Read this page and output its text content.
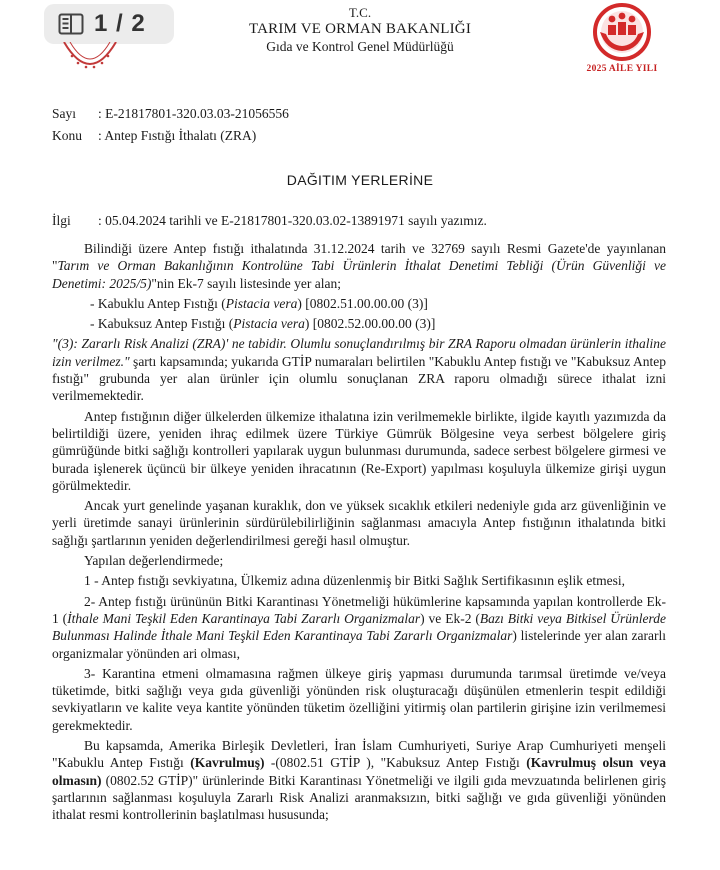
1 / 2	T.C.
TARIM VE ORMAN BAKANLIĞI
Gıda ve Kontrol Genel Müdürlüğü
2025 AİLE YILI
Sayı : E-21817801-320.03.03-21056556
Konu : Antep Fıstığı İthalatı (ZRA)
DAĞITIM YERLERİNE
İlgi : 05.04.2024 tarihli ve E-21817801-320.03.02-13891971 sayılı yazımız.

Bilindiği üzere Antep fıstığı ithalatında 31.12.2024 tarih ve 32769 sayılı Resmi Gazete'de yayınlanan "Tarım ve Orman Bakanlığının Kontrolüne Tabi Ürünlerin İthalat Denetimi Tebliği (Ürün Güvenliği ve Denetimi: 2025/5)"nin Ek-7 sayılı listesinde yer alan;

- Kabuklu Antep Fıstığı (Pistacia vera) [0802.51.00.00.00 (3)]

- Kabuksuz Antep Fıstığı (Pistacia vera) [0802.52.00.00.00 (3)]

"(3): Zararlı Risk Analizi (ZRA)' ne tabidir. Olumlu sonuçlandırılmış bir ZRA Raporu olmadan ürünlerin ithaline izin verilmez." şartı kapsamında; yukarıda GTİP numaraları belirtilen "Kabuklu Antep fıstığı ve "Kabuksuz Antep fıstığı" grubunda yer alan ürünler için olumlu sonuçlanan ZRA raporu olmadığı sürece ithalat izni verilmemektedir.

Antep fıstığının diğer ülkelerden ülkemize ithalatına izin verilmemekle birlikte, ilgide kayıtlı yazımızda da belirtildiği üzere, yeniden ihraç edilmek üzere Türkiye Gümrük Bölgesine veya serbest bölgelere giriş gümrüğünde bitki sağlığı kontrolleri yapılarak uygun bulunması durumunda, sadece serbest bölgelere girmesi ve burada işlenerek üçüncü bir ülkeye yeniden ihracatının (Re-Export) yapılması koşuluyla ülkemize girişi uygun görülmektedir.

Ancak yurt genelinde yaşanan kuraklık, don ve yüksek sıcaklık etkileri nedeniyle gıda arz güvenliğinin ve yerli üretimde sanayi ürünlerinin sürdürülebilirliğinin sağlanması amacıyla Antep fıstığının ithalatında bitki sağlığı şartlarının yeniden değerlendirilmesi gereği hasıl olmuştur.

Yapılan değerlendirmede;

1 - Antep fıstığı sevkiyatına, Ülkemiz adına düzenlenmiş bir Bitki Sağlık Sertifikasının eşlik etmesi,

2- Antep fıstığı ürününün Bitki Karantinası Yönetmeliği hükümlerine kapsamında yapılan kontrollerde Ek-1 (İthale Mani Teşkil Eden Karantinaya Tabi Zararlı Organizmalar) ve Ek-2 (Bazı Bitki veya Bitkisel Ürünlerde Bulunması Halinde İthale Mani Teşkil Eden Karantinaya Tabi Zararlı Organizmalar) listelerinde yer alan zararlı organizmalar yönünden ari olması,

3- Karantina etmeni olmamasına rağmen ülkeye giriş yapması durumunda tarımsal üretimde ve/veya tüketimde, bitki sağlığı veya gıda güvenliği yönünden risk oluşturacağı düşünülen etmenlerin tespit edildiği sevkiyatların ve kalite veya kantite yönünden tüketim özelliğini yitirmiş olan partilerin girişine izin verilmemesi gerekmektedir.

Bu kapsamda, Amerika Birleşik Devletleri, İran İslam Cumhuriyeti, Suriye Arap Cumhuriyeti menşeli "Kabuklu Antep Fıstığı (Kavrulmuş) -(0802.51 GTİP ), "Kabuksuz Antep Fıstığı (Kavrulmuş olsun veya olmasın) (0802.52 GTİP)" ürünlerinde Bitki Karantinası Yönetmeliği ve ilgili gıda mevzuatında belirlenen giriş şartlarının sağlanması koşuluyla Zararlı Risk Analizi aranmaksızın, bitki sağlığı ve gıda güvenliği yönünden ithalat resmi kontrollerinin başlatılması hususunda;
